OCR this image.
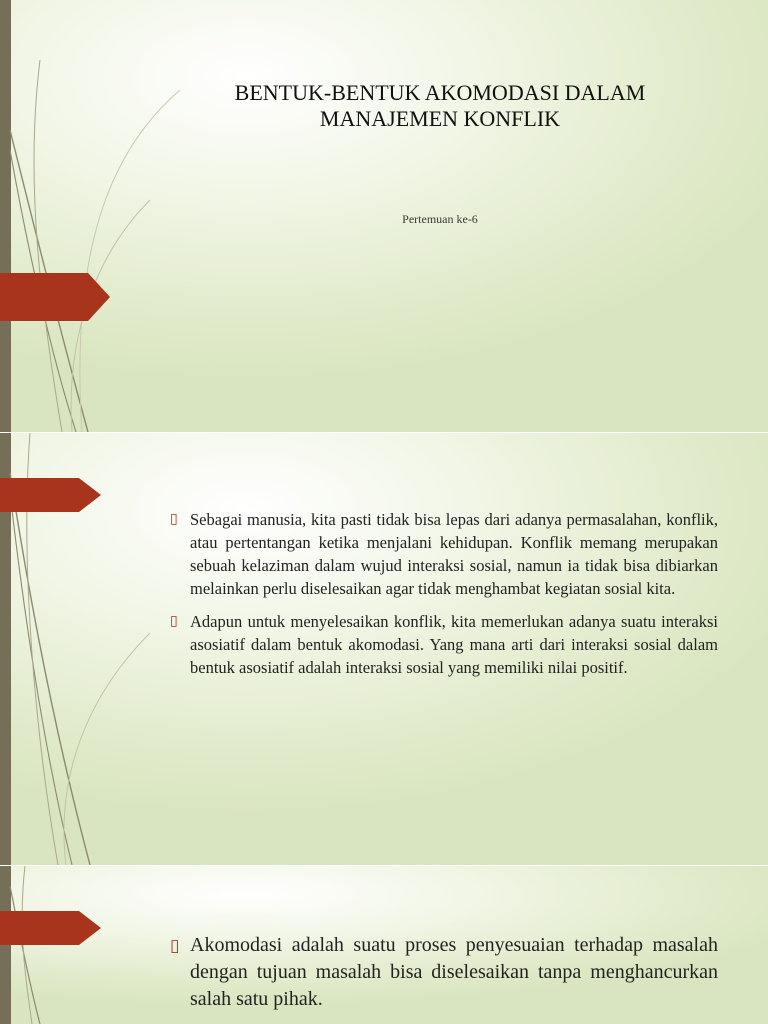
BENTUK-BENTUK AKOMODASI DALAM MANAJEMEN KONFLIK
Pertemuan ke-6
▯ Sebagai manusia, kita pasti tidak bisa lepas dari adanya permasalahan, konflik, atau pertentangan ketika menjalani kehidupan. Konflik memang merupakan sebuah kelaziman dalam wujud interaksi sosial, namun ia tidak bisa dibiarkan melainkan perlu diselesaikan agar tidak menghambat kegiatan sosial kita.
▯ Adapun untuk menyelesaikan konflik, kita memerlukan adanya suatu interaksi asosiatif dalam bentuk akomodasi. Yang mana arti dari interaksi sosial dalam bentuk asosiatif adalah interaksi sosial yang memiliki nilai positif.
▯ Akomodasi adalah suatu proses penyesuaian terhadap masalah dengan tujuan masalah bisa diselesaikan tanpa menghancurkan salah satu pihak.
